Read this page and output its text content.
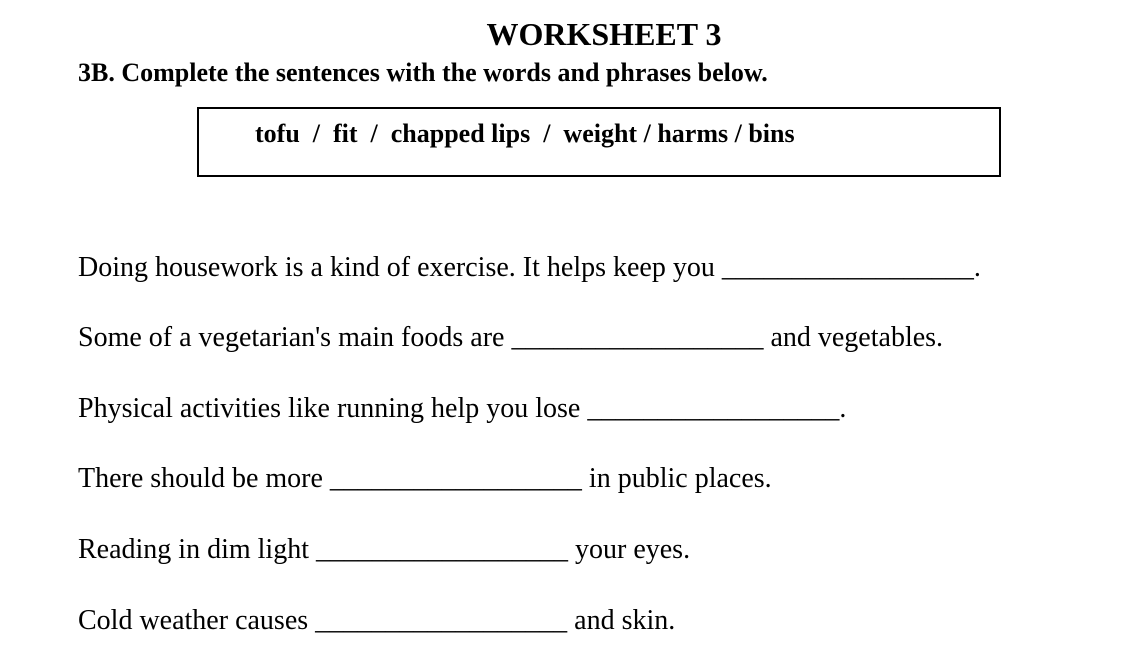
WORKSHEET 3

3B. Complete the sentences with the words and phrases below.

tofu  /  fit  /  chapped lips  /  weight / harms / bins

Doing housework is a kind of exercise. It helps keep you __________________.

Some of a vegetarian's main foods are __________________ and vegetables.

Physical activities like running help you lose __________________.

There should be more __________________ in public places.

Reading in dim light __________________ your eyes.

Cold weather causes __________________ and skin.
